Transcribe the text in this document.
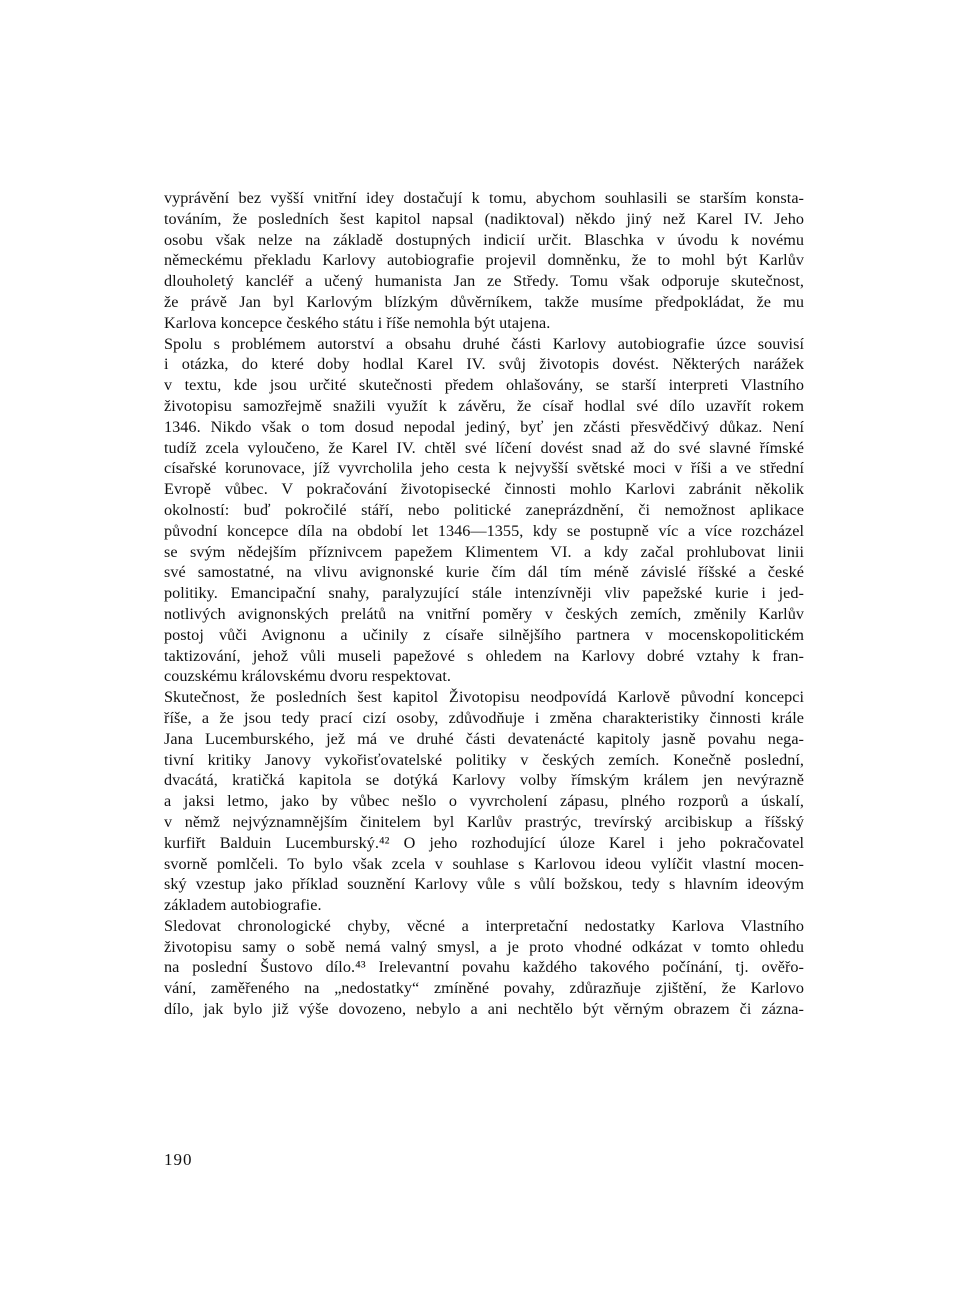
vyprávění bez vyšší vnitřní idey dostačují k tomu, abychom souhlasili se starším konsta-
továním, že posledních šest kapitol napsal (nadiktoval) někdo jiný než Karel IV. Jeho
osobu však nelze na základě dostupných indicií určit. Blaschka v úvodu k novému
německému překladu Karlovy autobiografie projevil domněnku, že to mohl být Karlův
dlouholetý kancléř a učený humanista Jan ze Středy. Tomu však odporuje skutečnost,
že právě Jan byl Karlovým blízkým důvěrníkem, takže musíme předpokládat, že mu
Karlova koncepce českého státu i říše nemohla být utajena.
Spolu s problémem autorství a obsahu druhé části Karlovy autobiografie úzce souvisí
i otázka, do které doby hodlal Karel IV. svůj životopis dovést. Některých narážek
v textu, kde jsou určité skutečnosti předem ohlašovány, se starší interpreti Vlastního
životopisu samozřejmě snažili využít k závěru, že císař hodlal své dílo uzavřít rokem
1346. Nikdo však o tom dosud nepodal jediný, byť jen zčásti přesvědčivý důkaz. Není
tudíž zcela vyloučeno, že Karel IV. chtěl své líčení dovést snad až do své slavné římské
císařské korunovace, jíž vyvrcholila jeho cesta k nejvyšší světské moci v říši a ve střední
Evropě vůbec. V pokračování životopisecké činnosti mohlo Karlovi zabránit několik
okolností: buď pokročilé stáří, nebo politické zaneprázdnění, či nemožnost aplikace
původní koncepce díla na období let 1346—1355, kdy se postupně víc a více rozcházel
se svým nědejším příznivcem papežem Klimentem VI. a kdy začal prohlubovat linii
své samostatné, na vlivu avignonské kurie čím dál tím méně závislé říšské a české
politiky. Emancipační snahy, paralyzující stále intenzívněji vliv papežské kurie i jed-
notlivých avignonských prelátů na vnitřní poměry v českých zemích, změnily Karlův
postoj vůči Avignonu a učinily z císaře silnějšího partnera v mocenskopolitickém
taktizování, jehož vůli museli papežové s ohledem na Karlovy dobré vztahy k fran-
couzskému královskému dvoru respektovat.
Skutečnost, že posledních šest kapitol Životopisu neodpovídá Karlově původní koncepci
říše, a že jsou tedy prací cizí osoby, zdůvodňuje i změna charakteristiky činnosti krále
Jana Lucemburského, jež má ve druhé části devatenácté kapitoly jasně povahu nega-
tivní kritiky Janovy vykořisťovatelské politiky v českých zemích. Konečně poslední,
dvacátá, kratičká kapitola se dotýká Karlovy volby římským králem jen nevýrazně
a jaksi letmo, jako by vůbec nešlo o vyvrcholení zápasu, plného rozporů a úskalí,
v němž nejvýznamnějším činitelem byl Karlův prastrýc, trevírský arcibiskup a říšský
kurfiřt Balduin Lucemburský.⁴² O jeho rozhodující úloze Karel i jeho pokračovatel
svorně pomlčeli. To bylo však zcela v souhlase s Karlovou ideou vylíčit vlastní mocen-
ský vzestup jako příklad souznění Karlovy vůle s vůlí božskou, tedy s hlavním ideovým
základem autobiografie.
Sledovat chronologické chyby, věcné a interpretační nedostatky Karlova Vlastního
životopisu samy o sobě nemá valný smysl, a je proto vhodné odkázat v tomto ohledu
na poslední Šustovo dílo.⁴³ Irelevantní povahu každého takového počínání, tj. ověřo-
vání, zaměřeného na „nedostatky“ zmíněné povahy, zdůrazňuje zjištění, že Karlovo
dílo, jak bylo již výše dovozeno, nebylo a ani nechtělo být věrným obrazem či zázna-
190
